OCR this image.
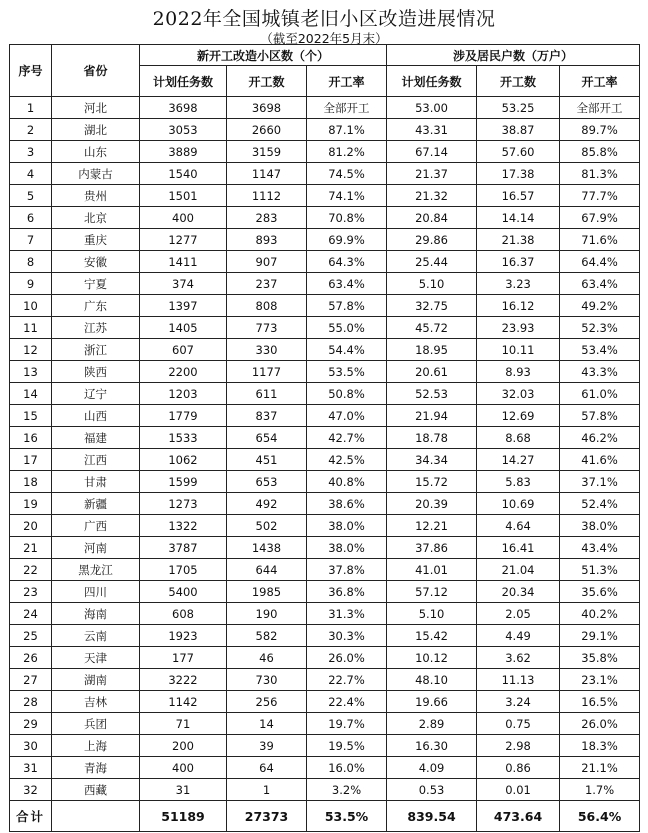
2022年全国城镇老旧小区改造进展情况
（截至2022年5月末）
序号	省份	新开工改造小区数（个）			涉及居民户数（万户）		
		计划任务数	开工数	开工率	计划任务数	开工数	开工率
1	河北	3698	3698	全部开工	53.00	53.25	全部开工
2	湖北	3053	2660	87.1%	43.31	38.87	89.7%
3	山东	3889	3159	81.2%	67.14	57.60	85.8%
4	内蒙古	1540	1147	74.5%	21.37	17.38	81.3%
5	贵州	1501	1112	74.1%	21.32	16.57	77.7%
6	北京	400	283	70.8%	20.84	14.14	67.9%
7	重庆	1277	893	69.9%	29.86	21.38	71.6%
8	安徽	1411	907	64.3%	25.44	16.37	64.4%
9	宁夏	374	237	63.4%	5.10	3.23	63.4%
10	广东	1397	808	57.8%	32.75	16.12	49.2%
11	江苏	1405	773	55.0%	45.72	23.93	52.3%
12	浙江	607	330	54.4%	18.95	10.11	53.4%
13	陕西	2200	1177	53.5%	20.61	8.93	43.3%
14	辽宁	1203	611	50.8%	52.53	32.03	61.0%
15	山西	1779	837	47.0%	21.94	12.69	57.8%
16	福建	1533	654	42.7%	18.78	8.68	46.2%
17	江西	1062	451	42.5%	34.34	14.27	41.6%
18	甘肃	1599	653	40.8%	15.72	5.83	37.1%
19	新疆	1273	492	38.6%	20.39	10.69	52.4%
20	广西	1322	502	38.0%	12.21	4.64	38.0%
21	河南	3787	1438	38.0%	37.86	16.41	43.4%
22	黑龙江	1705	644	37.8%	41.01	21.04	51.3%
23	四川	5400	1985	36.8%	57.12	20.34	35.6%
24	海南	608	190	31.3%	5.10	2.05	40.2%
25	云南	1923	582	30.3%	15.42	4.49	29.1%
26	天津	177	46	26.0%	10.12	3.62	35.8%
27	湖南	3222	730	22.7%	48.10	11.13	23.1%
28	吉林	1142	256	22.4%	19.66	3.24	16.5%
29	兵团	71	14	19.7%	2.89	0.75	26.0%
30	上海	200	39	19.5%	16.30	2.98	18.3%
31	青海	400	64	16.0%	4.09	0.86	21.1%
32	西藏	31	1	3.2%	0.53	0.01	1.7%
合计		51189	27373	53.5%	839.54	473.64	56.4%
